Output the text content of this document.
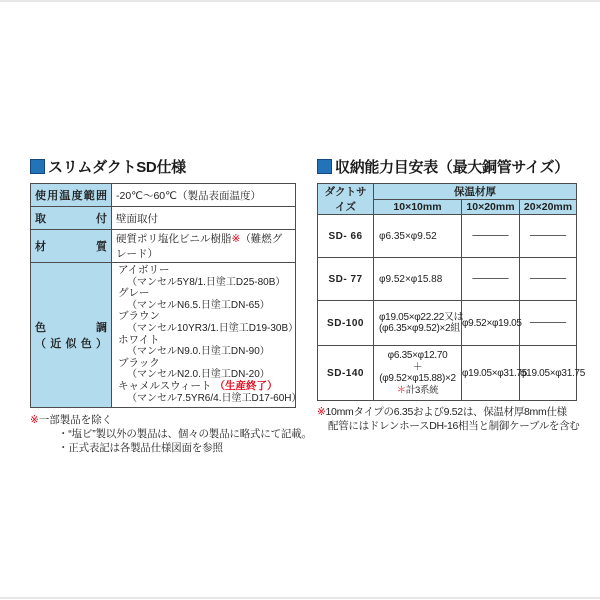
スリムダクトSD仕様
使用温度範囲	-20℃〜60℃（製品表面温度）

取　　付	壁面取付

材　　質	硬質ポリ塩化ビニル樹脂※（難燃グレード）

色　　調
（近似色）

アイボリー
（マンセル5Y8/1.日塗工D25-80B）
グレー
（マンセルN6.5.日塗工DN-65）
ブラウン
（マンセル10YR3/1.日塗工D19-30B）
ホワイト
（マンセルN9.0.日塗工DN-90）
ブラック
（マンセルN2.0.日塗工DN-20）
キャメルスウィート （生産終了）
（マンセル7.5YR6/4.日塗工D17-60H）
※一部製品を除く
・“塩ビ”製以外の製品は、個々の製品に略式にて記載。
・正式表記は各製品仕様図面を参照
収納能力目安表（最大銅管サイズ）
ダクトサイズ	保温材厚		
	10×10mm	10×20mm	20×20mm
SD- 66	φ6.35×φ9.52	──────	──────
SD- 77	φ9.52×φ15.88	──────	──────
SD-100	φ19.05×φ22.22又は
(φ6.35×φ9.52)×2組	φ9.52×φ19.05	──────
SD-140	φ6.35×φ12.70
＋
(φ9.52×φ15.88)×2
＊計3系統	φ19.05×φ31.75	φ19.05×φ31.75
※10mmタイプの6.35および9.52は、保温材厚8mm仕様
配管にはドレンホースDH-16相当と制御ケーブルを含む
